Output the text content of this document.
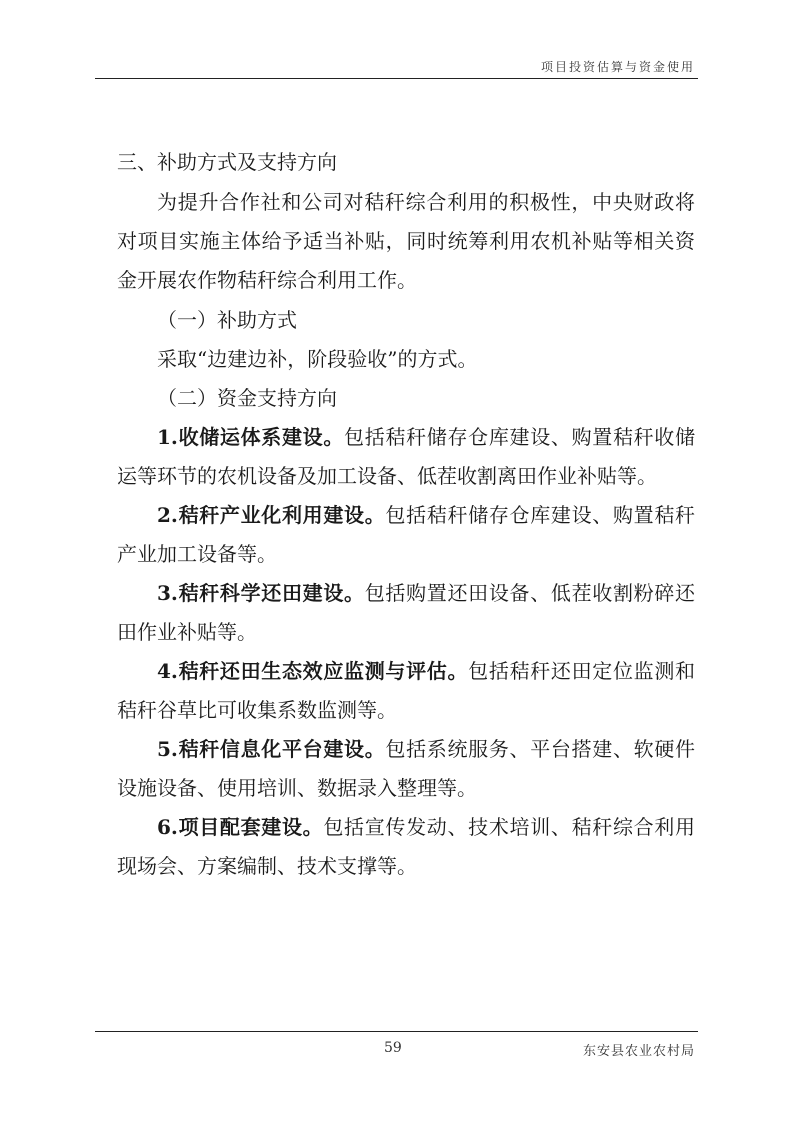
项目投资估算与资金使用
三、补助方式及支持方向
为提升合作社和公司对秸秆综合利用的积极性，中央财政将
对项目实施主体给予适当补贴，同时统筹利用农机补贴等相关资
金开展农作物秸秆综合利用工作。
（一）补助方式
采取“边建边补，阶段验收”的方式。
（二）资金支持方向
1.收储运体系建设。包括秸秆储存仓库建设、购置秸秆收储
运等环节的农机设备及加工设备、低茬收割离田作业补贴等。
2.秸秆产业化利用建设。包括秸秆储存仓库建设、购置秸秆
产业加工设备等。
3.秸秆科学还田建设。包括购置还田设备、低茬收割粉碎还
田作业补贴等。
4.秸秆还田生态效应监测与评估。包括秸秆还田定位监测和
秸秆谷草比可收集系数监测等。
5.秸秆信息化平台建设。包括系统服务、平台搭建、软硬件
设施设备、使用培训、数据录入整理等。
6.项目配套建设。包括宣传发动、技术培训、秸秆综合利用
现场会、方案编制、技术支撑等。
59	东安县农业农村局
